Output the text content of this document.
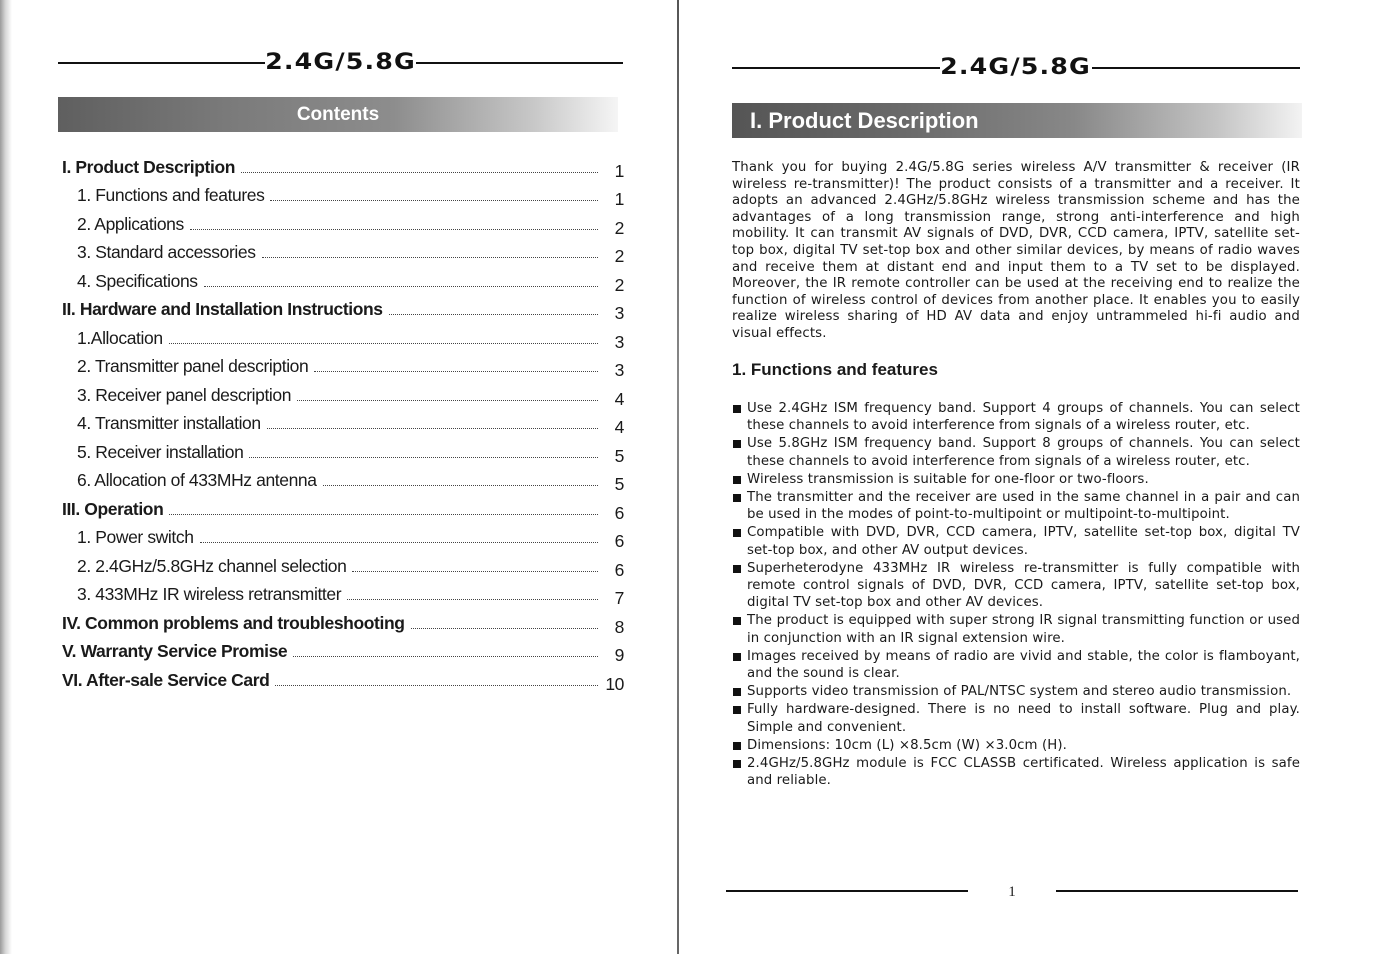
2.4G/5.8G
Contents
I. Product Description	1
1. Functions and features	1
2. Applications	2
3. Standard accessories	2
4. Specifications	2
II. Hardware and Installation Instructions	3
1.Allocation	3
2. Transmitter panel description	3
3. Receiver panel description	4
4. Transmitter installation	4
5. Receiver installation	5
6. Allocation of 433MHz antenna	5
III. Operation	6
1. Power switch	6
2. 2.4GHz/5.8GHz channel selection	6
3. 433MHz IR wireless retransmitter	7
IV. Common problems and troubleshooting	8
V. Warranty Service Promise	9
VI. After-sale Service Card	10
2.4G/5.8G
I. Product Description

Thank you for buying 2.4G/5.8G series wireless A/V transmitter & receiver (IR wireless re-transmitter)! The product consists of a transmitter and a receiver. It adopts an advanced 2.4GHz/5.8GHz wireless transmission scheme and has the advantages of a long transmission range, strong anti-interference and high mobility. It can transmit AV signals of DVD, DVR, CCD camera, IPTV, satellite set-top box, digital TV set-top box and other similar devices, by means of radio waves and receive them at distant end and input them to a TV set to be displayed. Moreover, the IR remote controller can be used at the receiving end to realize the function of wireless control of devices from another place. It enables you to easily realize wireless sharing of HD AV data and enjoy untrammeled hi-fi audio and visual effects.

1. Functions and features
Use 2.4GHz ISM frequency band. Support 4 groups of channels. You can select these channels to avoid interference from signals of a wireless router, etc.
Use 5.8GHz ISM frequency band. Support 8 groups of channels. You can select these channels to avoid interference from signals of a wireless router, etc.
Wireless transmission is suitable for one-floor or two-floors.
The transmitter and the receiver are used in the same channel in a pair and can be used in the modes of point-to-multipoint or multipoint-to-multipoint.
Compatible with DVD, DVR, CCD camera, IPTV, satellite set-top box, digital TV set-top box, and other AV output devices.
Superheterodyne 433MHz IR wireless re-transmitter is fully compatible with remote control signals of DVD, DVR, CCD camera, IPTV, satellite set-top box, digital TV set-top box and other AV devices.
The product is equipped with super strong IR signal transmitting function or used in conjunction with an IR signal extension wire.
Images received by means of radio are vivid and stable, the color is flamboyant, and the sound is clear.
Supports video transmission of PAL/NTSC system and stereo audio transmission.
Fully hardware-designed. There is no need to install software. Plug and play. Simple and convenient.
Dimensions: 10cm (L) ×8.5cm (W) ×3.0cm (H).
2.4GHz/5.8GHz module is FCC CLASSB certificated. Wireless application is safe and reliable.
1
